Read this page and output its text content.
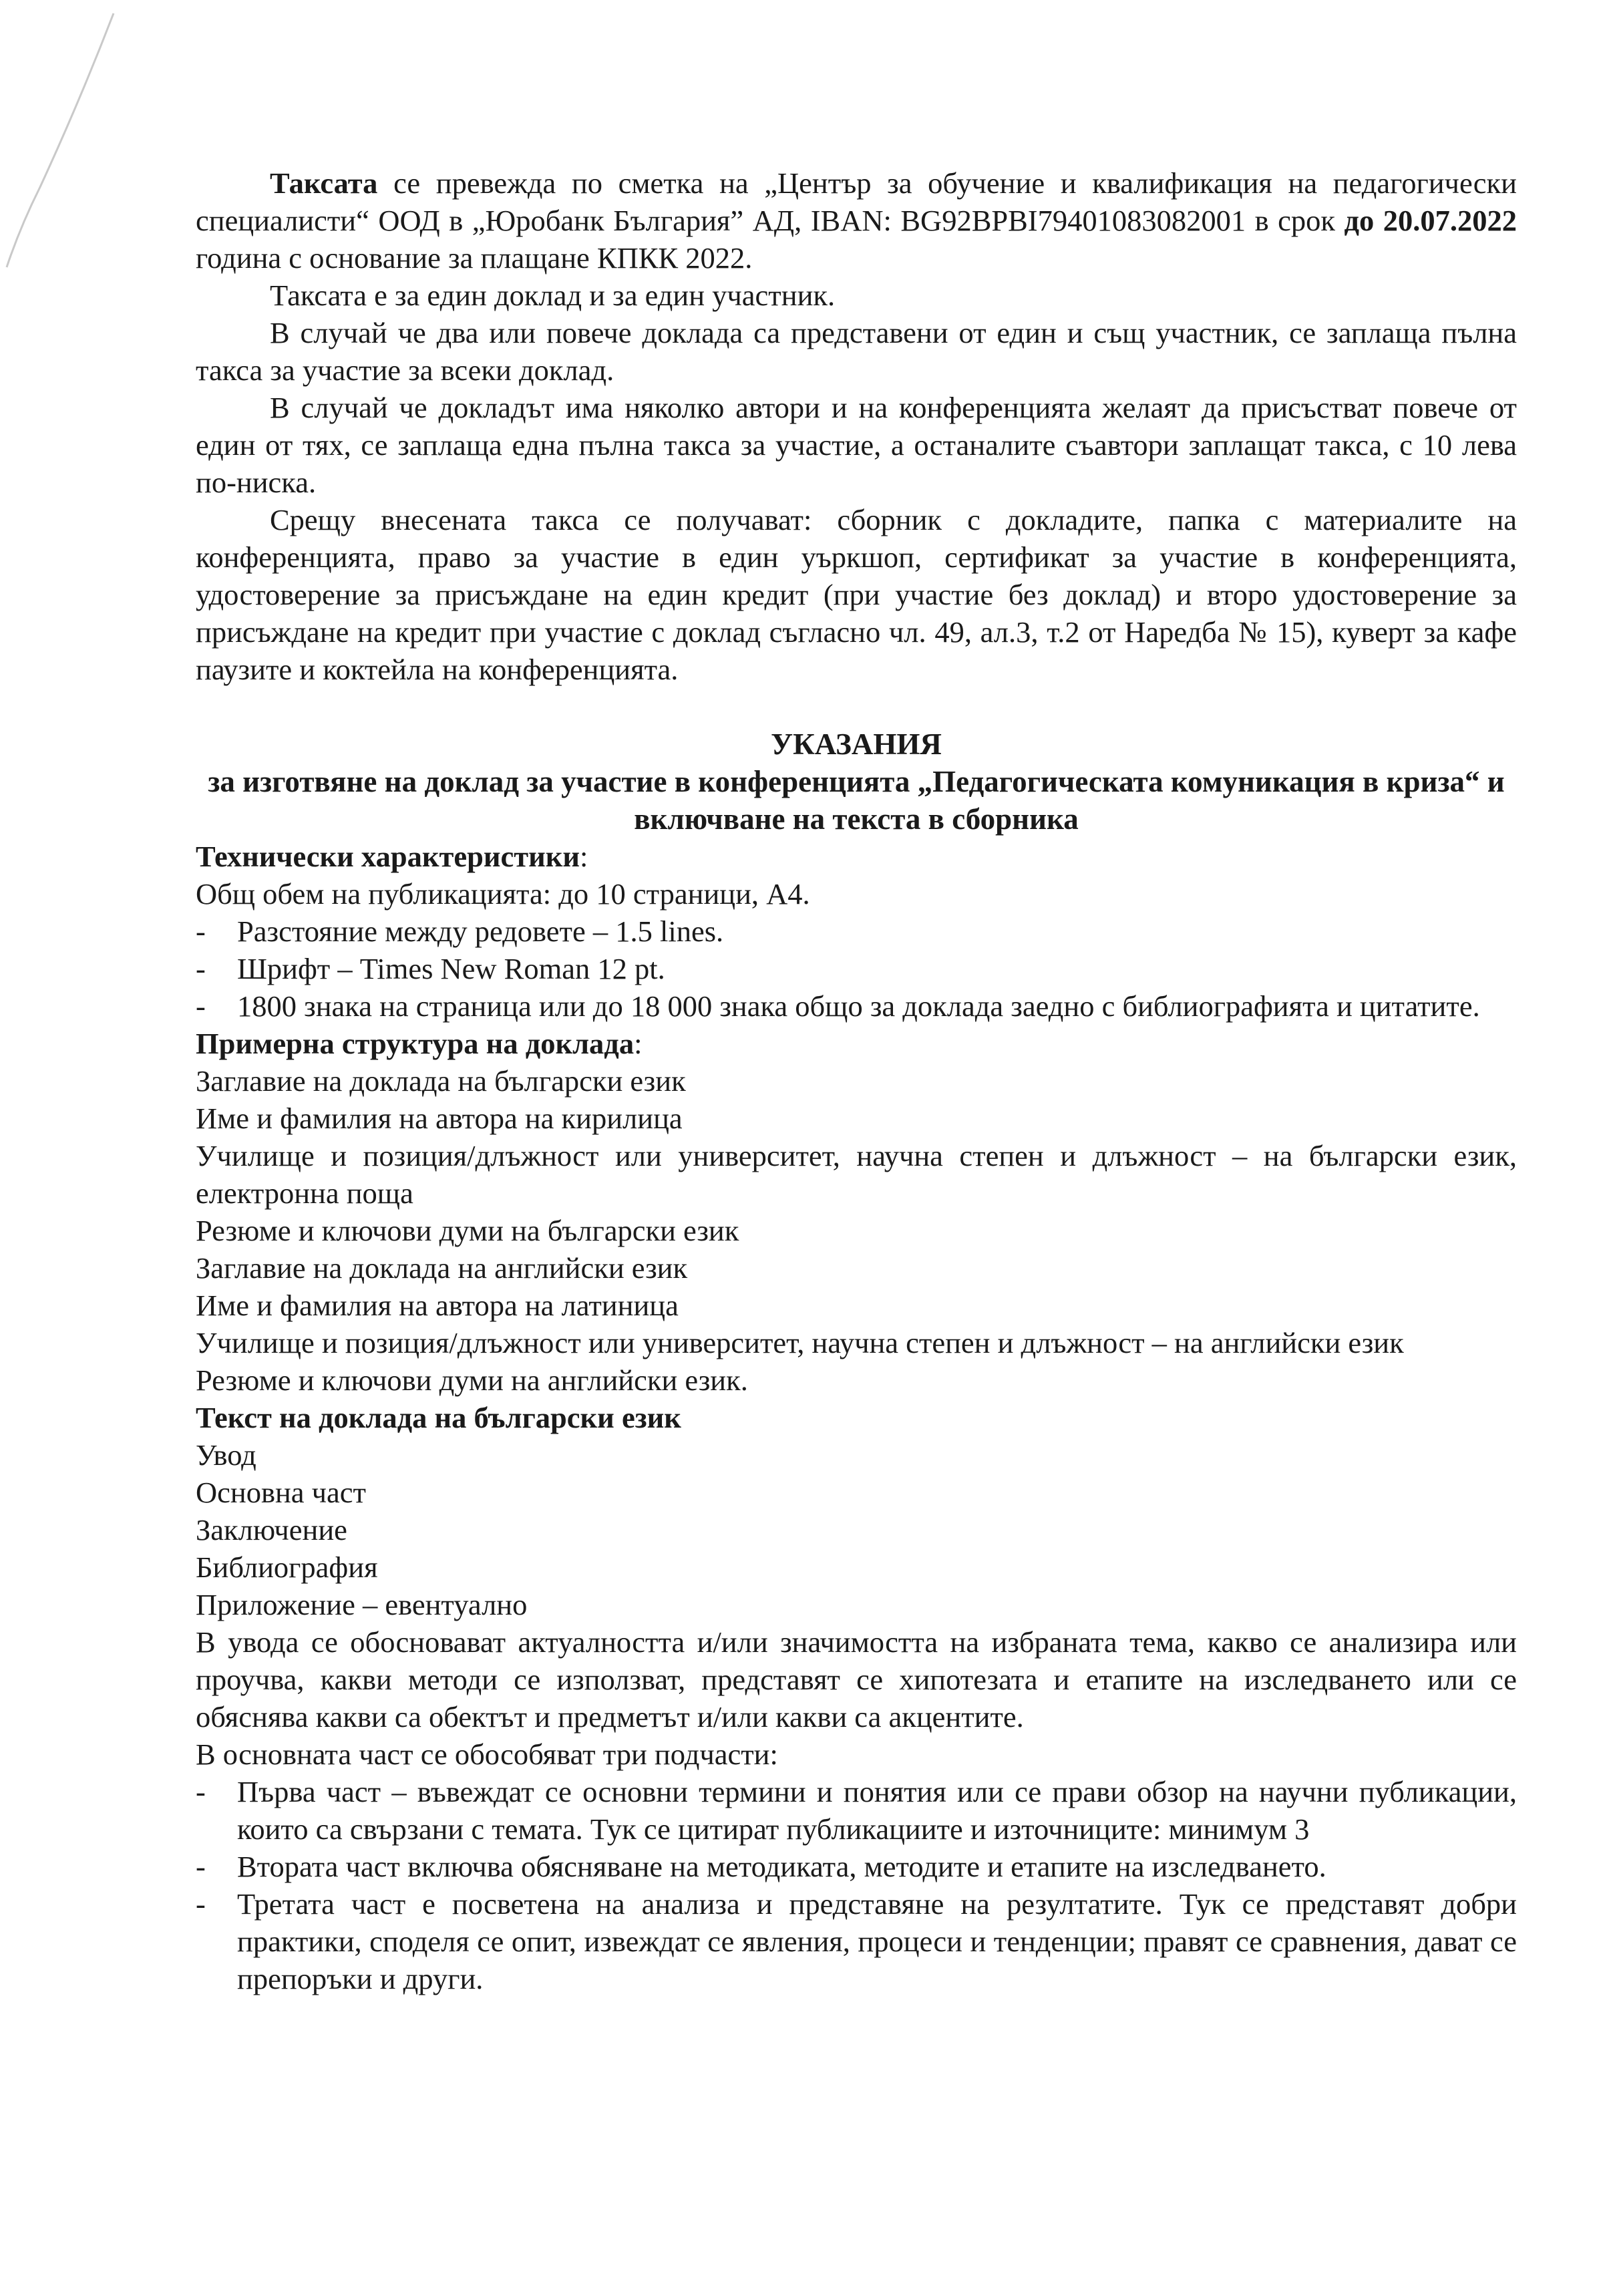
Таксата се превежда по сметка на „Център за обучение и квалификация на педагогически специалисти“ ООД в „Юробанк България” АД, IBAN: BG92BPBI79401083082001 в срок до 20.07.2022 година с основание за плащане КПКК 2022.

Таксата е за един доклад и за един участник.

В случай че два или повече доклада са представени от един и същ участник, се заплаща пълна такса за участие за всеки доклад.

В случай че докладът има няколко автори и на конференцията желаят да присъстват повече от един от тях, се заплаща една пълна такса за участие, а останалите съавтори заплащат такса, с 10 лева по-ниска.

Срещу внесената такса се получават: сборник с докладите, папка с материалите на конференцията, право за участие в един уъркшоп, сертификат за участие в конференцията, удостоверение за присъждане на един кредит (при участие без доклад) и второ удостоверение за присъждане на кредит при участие с доклад съгласно чл. 49, ал.3, т.2 от Наредба № 15), куверт за кафе паузите и коктейла на конференцията.

УКАЗАНИЯ

за изготвяне на доклад за участие в конференцията „Педагогическата комуникация в криза“ и включване на текста в сборника

Технически характеристики:

Общ обем на публикацията: до 10 страници, А4.

- Разстояние между редовете – 1.5 lines.

- Шрифт – Times New Roman 12 pt.

- 1800 знака на страница или до 18 000 знака общо за доклада заедно с библиографията и цитатите.

Примерна структура на доклада:

Заглавие на доклада на български език

Име и фамилия на автора на кирилица

Училище и позиция/длъжност или университет, научна степен и длъжност – на български език, електронна поща

Резюме и ключови думи на български език

Заглавие на доклада на английски език

Име и фамилия на автора на латиница

Училище и позиция/длъжност или университет, научна степен и длъжност – на английски език

Резюме и ключови думи на английски език.

Текст на доклада на български език

Увод

Основна част

Заключение

Библиография

Приложение – евентуално

В увода се обосновават актуалността и/или значимостта на избраната тема, какво се анализира или проучва, какви методи се използват, представят се хипотезата и етапите на изследването или се обяснява какви са обектът и предметът и/или какви са акцентите.

В основната част се обособяват три подчасти:

- Първа част – въвеждат се основни термини и понятия или се прави обзор на научни публикации, които са свързани с темата. Тук се цитират публикациите и източниците: минимум 3

- Втората част включва обясняване на методиката, методите и етапите на изследването.

- Третата част е посветена на анализа и представяне на резултатите. Тук се представят добри практики, споделя се опит, извеждат се явления, процеси и тенденции; правят се сравнения, дават се препоръки и други.
